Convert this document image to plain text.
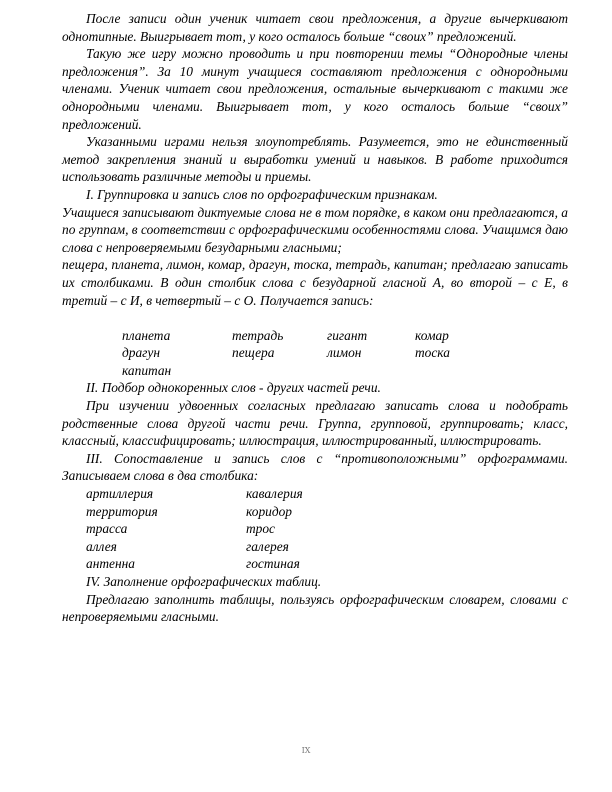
После записи один ученик читает свои предложения, а другие вычеркивают однотипные. Выигрывает тот, у кого осталось больше “своих” предложений.

Такую же игру можно проводить и при повторении темы “Однородные члены предложения”. За 10 минут учащиеся составляют предложения с однородными членами. Ученик читает свои предложения, остальные вычеркивают с такими же однородными членами. Выигрывает тот, у кого осталось больше “своих” предложений.

Указанными играми нельзя злоупотреблять. Разумеется, это не единственный метод закрепления знаний и выработки умений и навыков. В работе приходится использовать различные методы и приемы.

I. Группировка и запись слов по орфографическим признакам.

Учащиеся записывают диктуемые слова не в том порядке, в каком они предлагаются, а по группам, в соответствии с орфографическими особенностями слова. Учащимся даю слова с непроверяемыми безударными гласными;

пещера, планета, лимон, комар, драгун, тоска, тетрадь, капитан; предлагаю записать их столбиками. В один столбик слова с безударной гласной А, во второй – с Е, в третий – с И, в четвертый – с О. Получается запись:

планета	тетрадь	гигант	комар
драгун	пещера	лимон	тоска
капитан

II. Подбор однокоренных слов - других частей речи.

При изучении удвоенных согласных предлагаю записать слова и подобрать родственные слова другой части речи. Группа, групповой, группировать; класс, классный, классифицировать; иллюстрация, иллюстрированный, иллюстрировать.

III. Сопоставление и запись слов с “противоположными” орфограммами. Записываем слова в два столбика:

артиллерия	кавалерия
территория	коридор
трасса	трос
аллея	галерея
антенна	гостиная

IV. Заполнение орфографических таблиц.

Предлагаю заполнить таблицы, пользуясь орфографическим словарем, словами с непроверяемыми гласными.

IX
